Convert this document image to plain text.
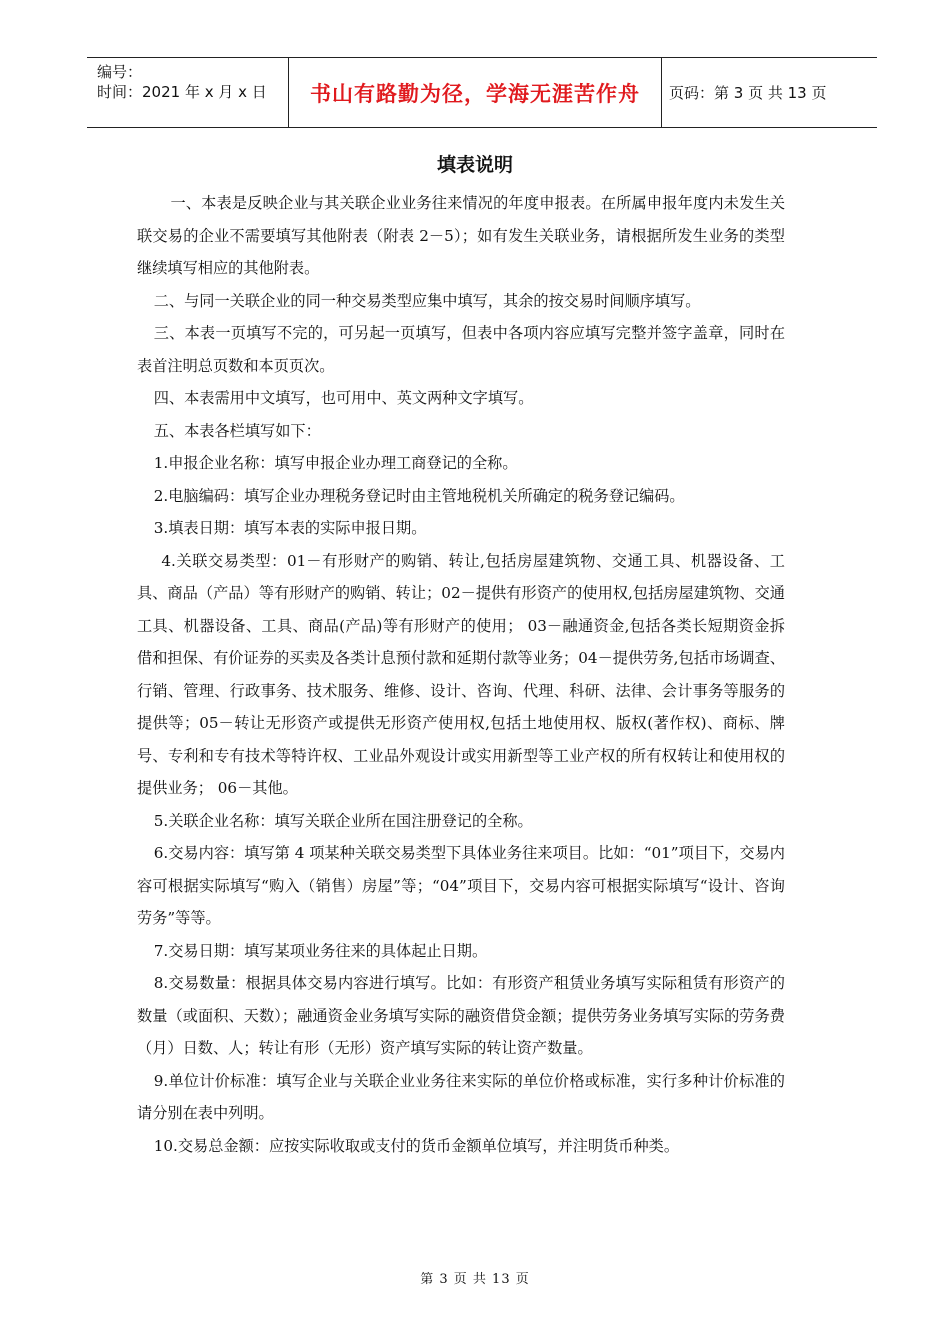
编号：
时间：2021 年 x 月 x 日	书山有路勤为径，学海无涯苦作舟	页码：第 3 页 共 13 页
填表说明

一、本表是反映企业与其关联企业业务往来情况的年度申报表。在所属申报年度内未发生关联交易的企业不需要填写其他附表（附表 2－5）；如有发生关联业务，请根据所发生业务的类型继续填写相应的其他附表。

二、与同一关联企业的同一种交易类型应集中填写，其余的按交易时间顺序填写。

三、本表一页填写不完的，可另起一页填写，但表中各项内容应填写完整并签字盖章，同时在表首注明总页数和本页页次。

四、本表需用中文填写，也可用中、英文两种文字填写。

五、本表各栏填写如下：

1.申报企业名称：填写申报企业办理工商登记的全称。

2.电脑编码：填写企业办理税务登记时由主管地税机关所确定的税务登记编码。

3.填表日期：填写本表的实际申报日期。

4.关联交易类型：01－有形财产的购销、转让,包括房屋建筑物、交通工具、机器设备、工具、商品（产品）等有形财产的购销、转让；02－提供有形资产的使用权,包括房屋建筑物、交通工具、机器设备、工具、商品(产品)等有形财产的使用； 03－融通资金,包括各类长短期资金拆借和担保、有价证券的买卖及各类计息预付款和延期付款等业务；04－提供劳务,包括市场调查、行销、管理、行政事务、技术服务、维修、设计、咨询、代理、科研、法律、会计事务等服务的提供等；05－转让无形资产或提供无形资产使用权,包括土地使用权、版权(著作权)、商标、牌号、专利和专有技术等特许权、工业品外观设计或实用新型等工业产权的所有权转让和使用权的提供业务； 06－其他。

5.关联企业名称：填写关联企业所在国注册登记的全称。

6.交易内容：填写第 4 项某种关联交易类型下具体业务往来项目。比如：“01”项目下，交易内容可根据实际填写“购入（销售）房屋”等；“04”项目下，交易内容可根据实际填写“设计、咨询劳务”等等。

7.交易日期：填写某项业务往来的具体起止日期。

8.交易数量：根据具体交易内容进行填写。比如：有形资产租赁业务填写实际租赁有形资产的数量（或面积、天数）；融通资金业务填写实际的融资借贷金额；提供劳务业务填写实际的劳务费（月）日数、人；转让有形（无形）资产填写实际的转让资产数量。

9.单位计价标准：填写企业与关联企业业务往来实际的单位价格或标准，实行多种计价标准的请分别在表中列明。

10.交易总金额：应按实际收取或支付的货币金额单位填写，并注明货币种类。

第 3 页 共 13 页
